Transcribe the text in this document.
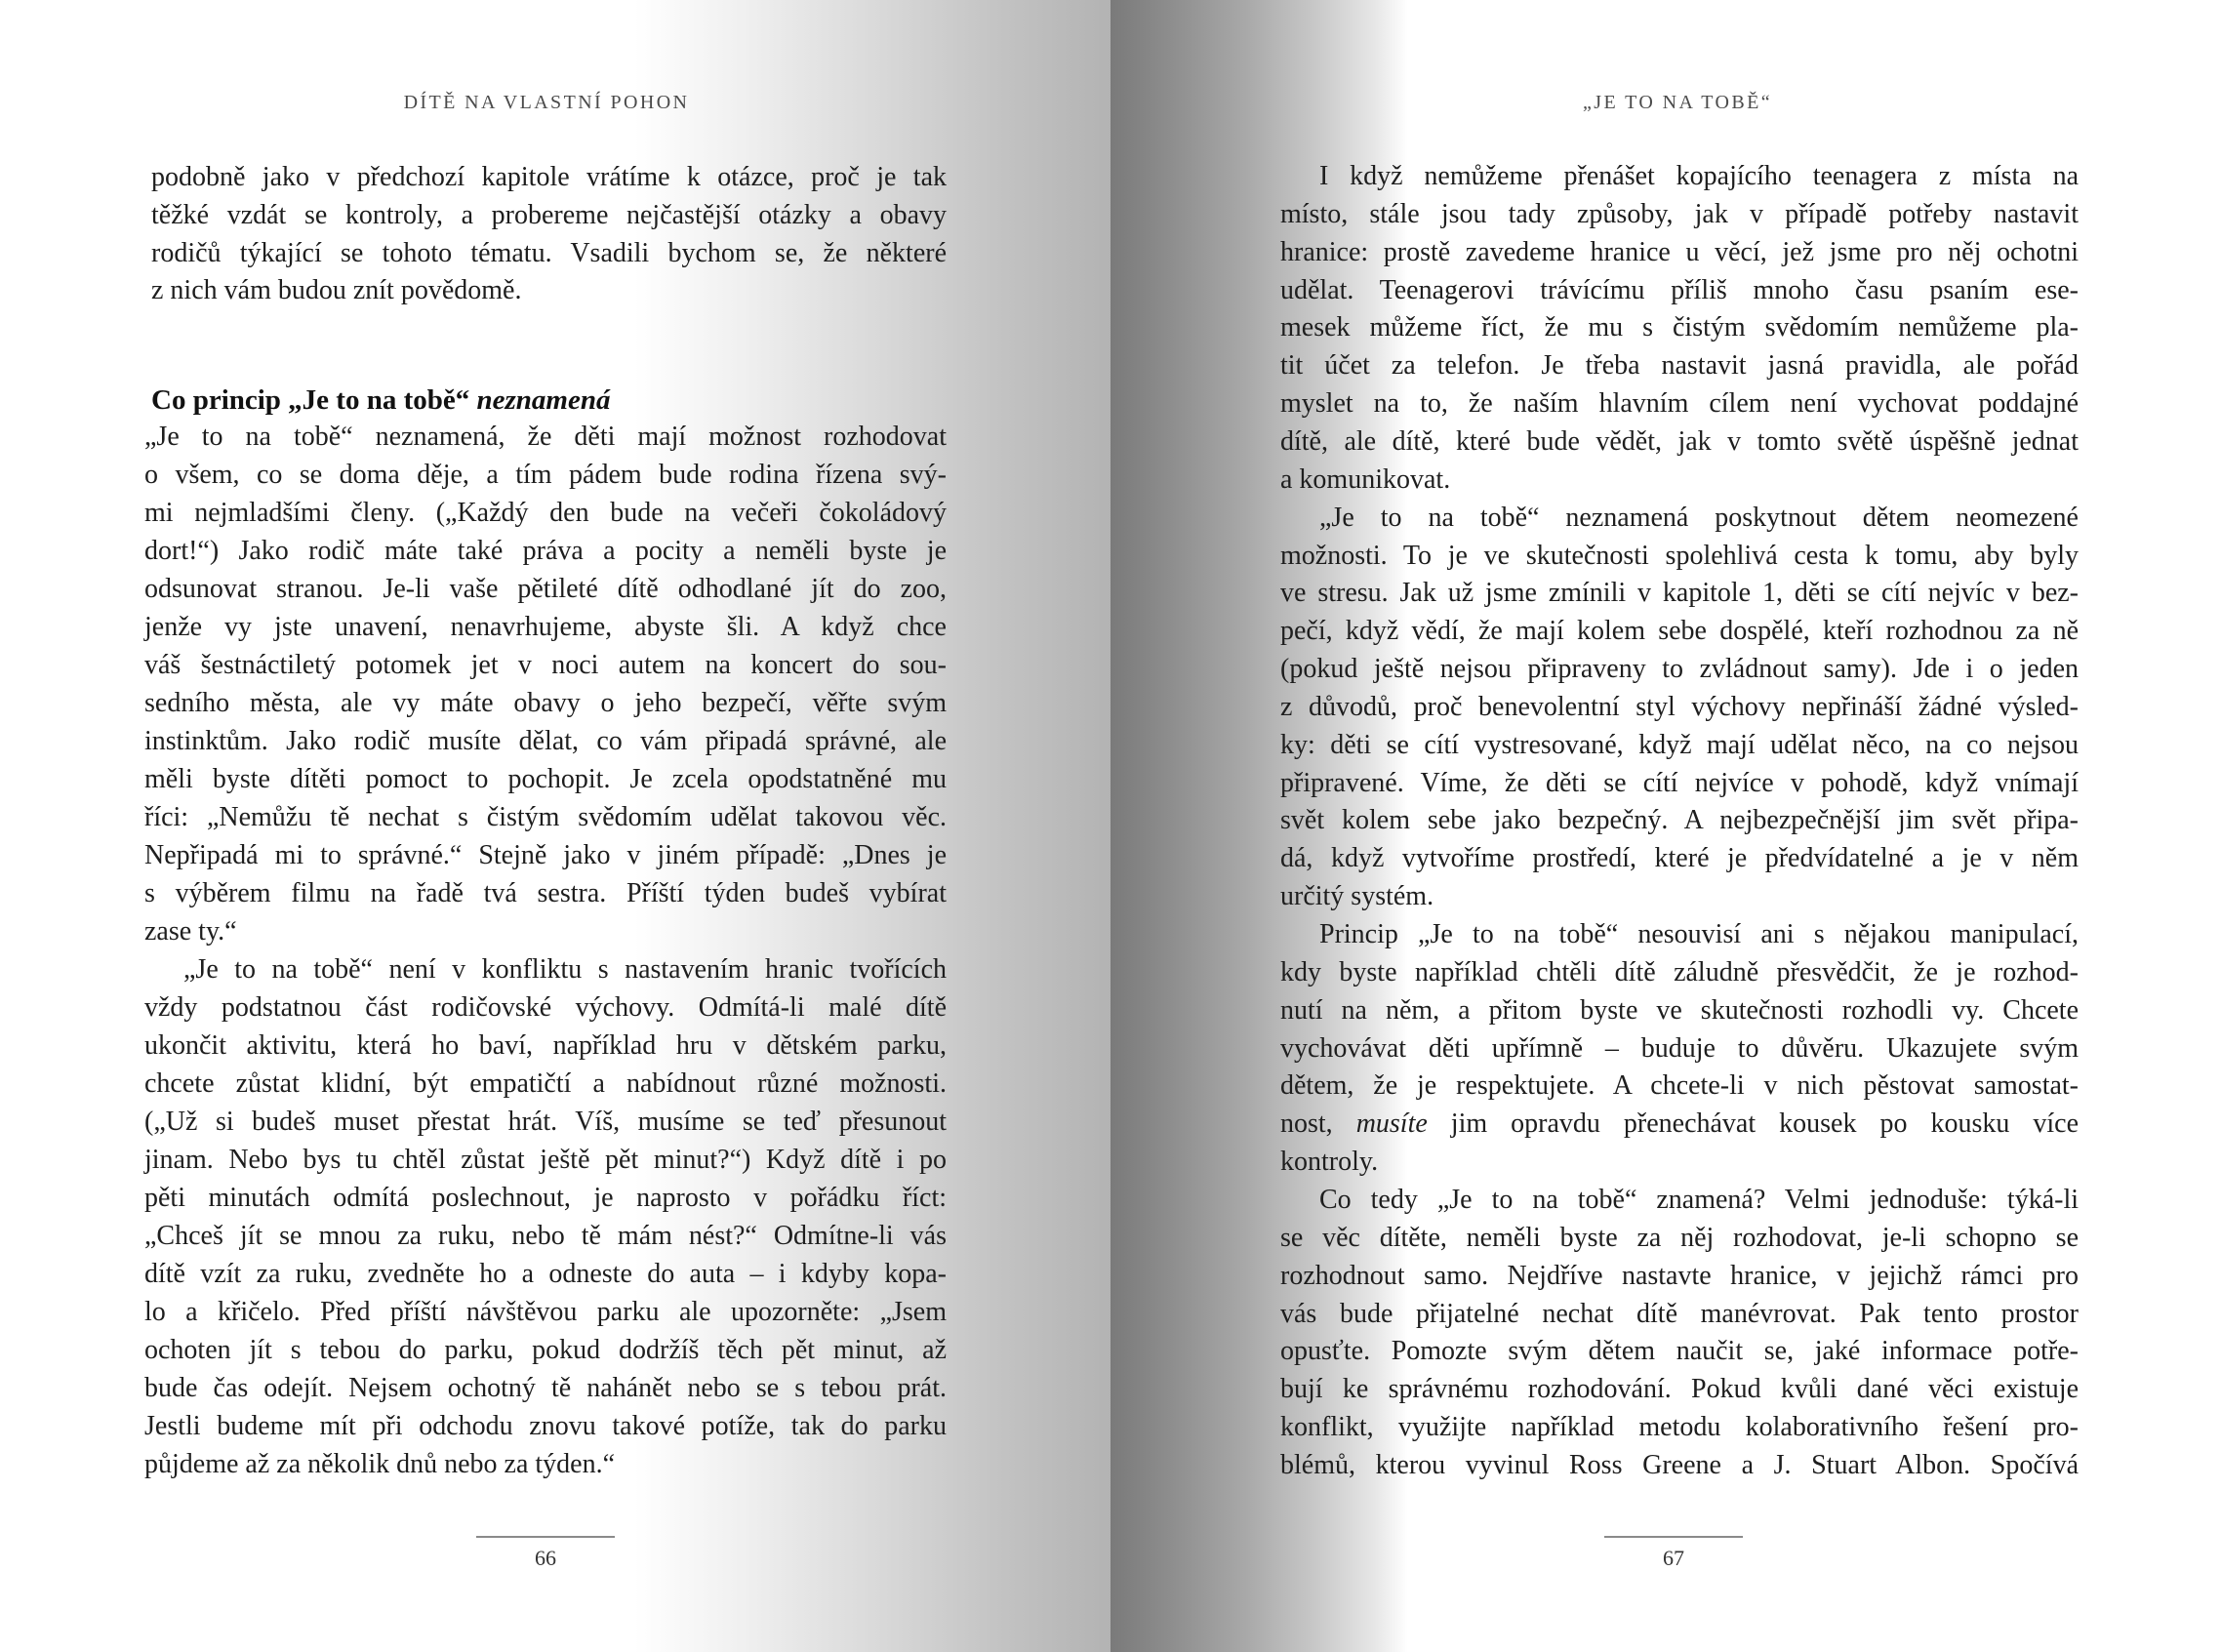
DÍTĚ NA VLASTNÍ POHON
podobně jako v předchozí kapitole vrátíme k otázce, proč je tak
těžké vzdát se kontroly, a probereme nejčastější otázky a obavy
rodičů týkající se tohoto tématu. Vsadili bychom se, že některé
z nich vám budou znít povědomě.
Co princip „Je to na tobě“ neznamená
„Je to na tobě“ neznamená, že děti mají možnost rozhodovat
o všem, co se doma děje, a tím pádem bude rodina řízena svý-
mi nejmladšími členy. („Každý den bude na večeři čokoládový
dort!“) Jako rodič máte také práva a pocity a neměli byste je
odsunovat stranou. Je-li vaše pětileté dítě odhodlané jít do zoo,
jenže vy jste unavení, nenavrhujeme, abyste šli. A když chce
váš šestnáctiletý potomek jet v noci autem na koncert do sou-
sedního města, ale vy máte obavy o jeho bezpečí, věřte svým
instinktům. Jako rodič musíte dělat, co vám připadá správné, ale
měli byste dítěti pomoct to pochopit. Je zcela opodstatněné mu
říci: „Nemůžu tě nechat s čistým svědomím udělat takovou věc.
Nepřipadá mi to správné.“ Stejně jako v jiném případě: „Dnes je
s výběrem filmu na řadě tvá sestra. Příští týden budeš vybírat
zase ty.“
„Je to na tobě“ není v konfliktu s nastavením hranic tvořících
vždy podstatnou část rodičovské výchovy. Odmítá-li malé dítě
ukončit aktivitu, která ho baví, například hru v dětském parku,
chcete zůstat klidní, být empatičtí a nabídnout různé možnosti.
(„Už si budeš muset přestat hrát. Víš, musíme se teď přesunout
jinam. Nebo bys tu chtěl zůstat ještě pět minut?“) Když dítě i po
pěti minutách odmítá poslechnout, je naprosto v pořádku říct:
„Chceš jít se mnou za ruku, nebo tě mám nést?“ Odmítne-li vás
dítě vzít za ruku, zvedněte ho a odneste do auta – i kdyby kopa-
lo a křičelo. Před příští návštěvou parku ale upozorněte: „Jsem
ochoten jít s tebou do parku, pokud dodržíš těch pět minut, až
bude čas odejít. Nejsem ochotný tě nahánět nebo se s tebou prát.
Jestli budeme mít při odchodu znovu takové potíže, tak do parku
půjdeme až za několik dnů nebo za týden.“
66
„JE TO NA TOBĚ“
I když nemůžeme přenášet kopajícího teenagera z místa na
místo, stále jsou tady způsoby, jak v případě potřeby nastavit
hranice: prostě zavedeme hranice u věcí, jež jsme pro něj ochotni
udělat. Teenagerovi trávícímu příliš mnoho času psaním ese-
mesek můžeme říct, že mu s čistým svědomím nemůžeme pla-
tit účet za telefon. Je třeba nastavit jasná pravidla, ale pořád
myslet na to, že naším hlavním cílem není vychovat poddajné
dítě, ale dítě, které bude vědět, jak v tomto světě úspěšně jednat
a komunikovat.
„Je to na tobě“ neznamená poskytnout dětem neomezené
možnosti. To je ve skutečnosti spolehlivá cesta k tomu, aby byly
ve stresu. Jak už jsme zmínili v kapitole 1, děti se cítí nejvíc v bez-
pečí, když vědí, že mají kolem sebe dospělé, kteří rozhodnou za ně
(pokud ještě nejsou připraveny to zvládnout samy). Jde i o jeden
z důvodů, proč benevolentní styl výchovy nepřináší žádné výsled-
ky: děti se cítí vystresované, když mají udělat něco, na co nejsou
připravené. Víme, že děti se cítí nejvíce v pohodě, když vnímají
svět kolem sebe jako bezpečný. A nejbezpečnější jim svět připa-
dá, když vytvoříme prostředí, které je předvídatelné a je v něm
určitý systém.
Princip „Je to na tobě“ nesouvisí ani s nějakou manipulací,
kdy byste například chtěli dítě záludně přesvědčit, že je rozhod-
nutí na něm, a přitom byste ve skutečnosti rozhodli vy. Chcete
vychovávat děti upřímně – buduje to důvěru. Ukazujete svým
dětem, že je respektujete. A chcete-li v nich pěstovat samostat-
nost, musíte jim opravdu přenechávat kousek po kousku více
kontroly.
Co tedy „Je to na tobě“ znamená? Velmi jednoduše: týká-li
se věc dítěte, neměli byste za něj rozhodovat, je-li schopno se
rozhodnout samo. Nejdříve nastavte hranice, v jejichž rámci pro
vás bude přijatelné nechat dítě manévrovat. Pak tento prostor
opusťte. Pomozte svým dětem naučit se, jaké informace potře-
bují ke správnému rozhodování. Pokud kvůli dané věci existuje
konflikt, využijte například metodu kolaborativního řešení pro-
blémů, kterou vyvinul Ross Greene a J. Stuart Albon. Spočívá
67
